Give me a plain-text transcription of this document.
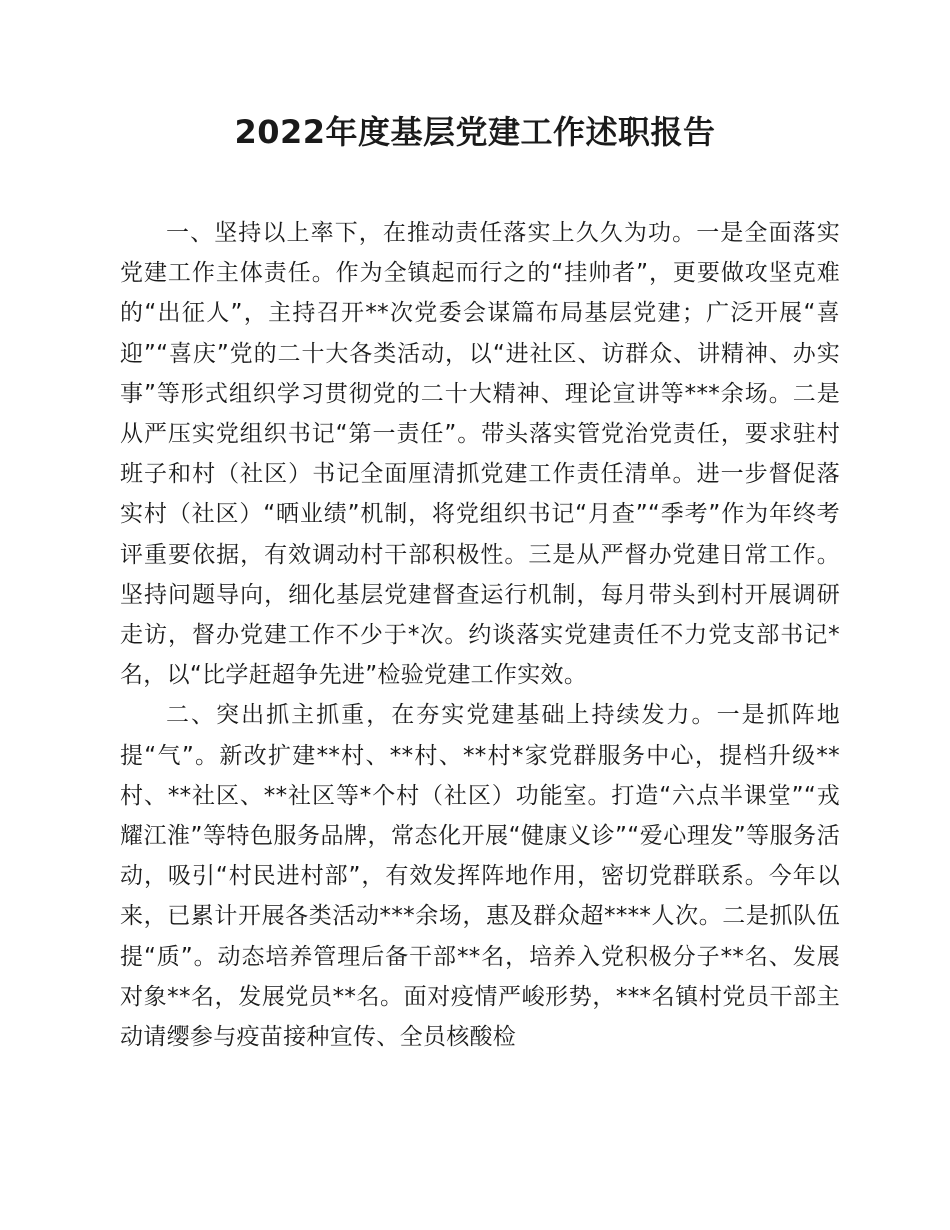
2022年度基层党建工作述职报告

一、坚持以上率下，在推动责任落实上久久为功。一是全面落实党建工作主体责任。作为全镇起而行之的“挂帅者”，更要做攻坚克难的“出征人”，主持召开**次党委会谋篇布局基层党建；广泛开展“喜迎”“喜庆”党的二十大各类活动，以“进社区、访群众、讲精神、办实事”等形式组织学习贯彻党的二十大精神、理论宣讲等***余场。二是从严压实党组织书记“第一责任”。带头落实管党治党责任，要求驻村班子和村（社区）书记全面厘清抓党建工作责任清单。进一步督促落实村（社区）“晒业绩”机制，将党组织书记“月查”“季考”作为年终考评重要依据，有效调动村干部积极性。三是从严督办党建日常工作。坚持问题导向，细化基层党建督查运行机制，每月带头到村开展调研走访，督办党建工作不少于*次。约谈落实党建责任不力党支部书记*名，以“比学赶超争先进”检验党建工作实效。

二、突出抓主抓重，在夯实党建基础上持续发力。一是抓阵地提“气”。新改扩建**村、**村、**村*家党群服务中心，提档升级**村、**社区、**社区等*个村（社区）功能室。打造“六点半课堂”“戎耀江淮”等特色服务品牌，常态化开展“健康义诊”“爱心理发”等服务活动，吸引“村民进村部”，有效发挥阵地作用，密切党群联系。今年以来，已累计开展各类活动***余场，惠及群众超****人次。二是抓队伍提“质”。动态培养管理后备干部**名，培养入党积极分子**名、发展对象**名，发展党员**名。面对疫情严峻形势，***名镇村党员干部主动请缨参与疫苗接种宣传、全员核酸检
